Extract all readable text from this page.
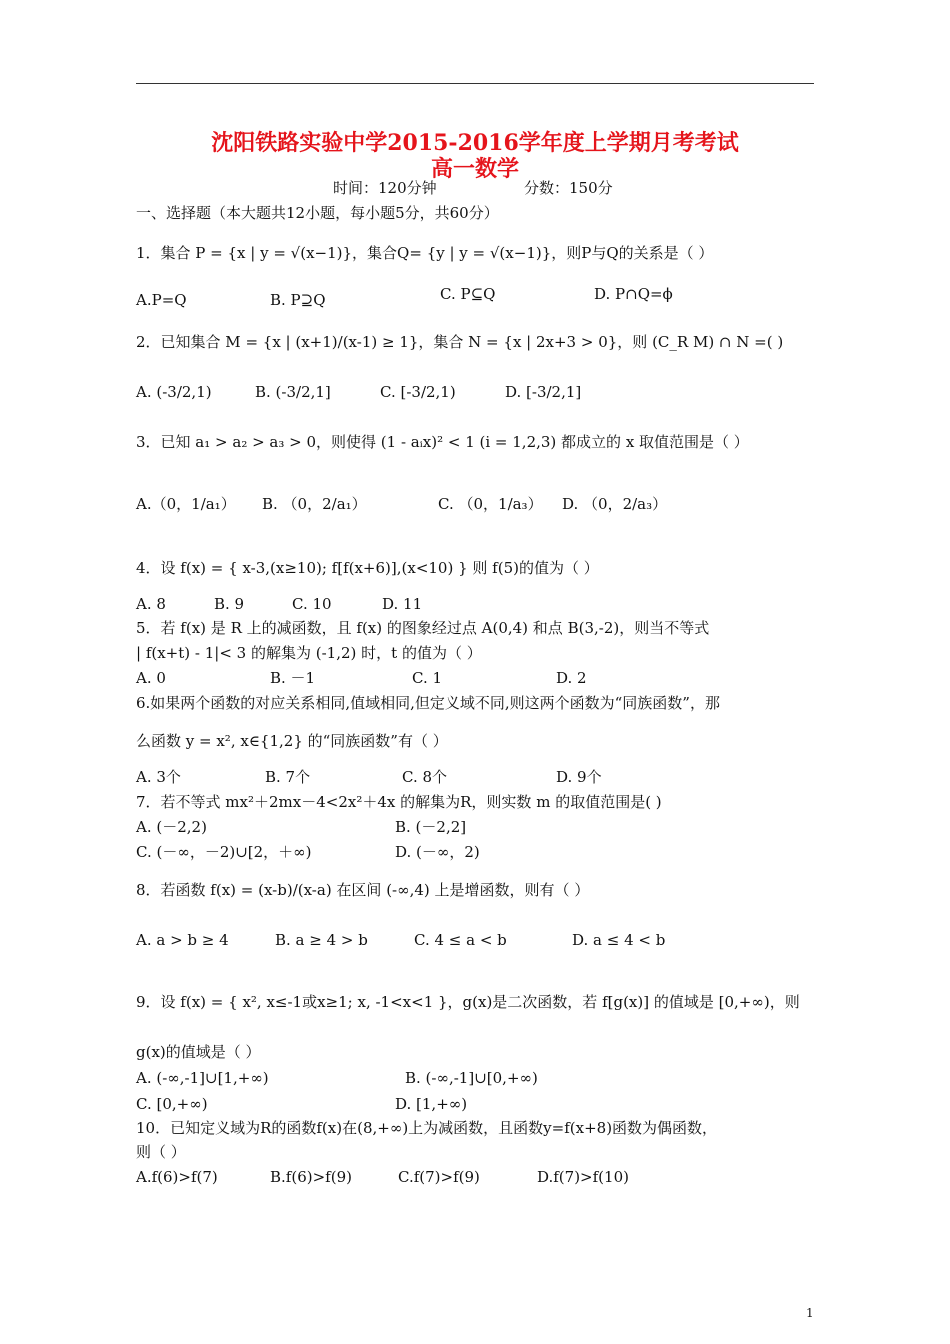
沈阳铁路实验中学2015-2016学年度上学期月考考试
高一数学
时间：120分钟	分数：150分
一、选择题（本大题共12小题，每小题5分，共60分）
1．集合 P = {x | y = √(x−1)}，集合Q= {y | y = √(x−1)}，则P与Q的关系是（ ）
A.P=Q	B. P⊇Q	C. P⊆Q	D. P∩Q=ϕ
2．已知集合 M = {x | (x+1)/(x-1) ≥ 1}，集合 N = {x | 2x+3 > 0}，则 (C_R M) ∩ N =( )
A. (-3/2,1)	B. (-3/2,1]	C. [-3/2,1)	D. [-3/2,1]
3．已知 a₁ > a₂ > a₃ > 0，则使得 (1 - aᵢx)² < 1 (i = 1,2,3) 都成立的 x 取值范围是（ ）
A.（0，1/a₁） B. （0，2/a₁）	C. （0，1/a₃） D. （0，2/a₃）
4．设 f(x) = { x-3,(x≥10); f[f(x+6)],(x<10) } 则 f(5)的值为（ ）
A. 8	B. 9	C. 10	D. 11
5．若 f(x) 是 R 上的减函数，且 f(x) 的图象经过点 A(0,4) 和点 B(3,-2)，则当不等式
| f(x+t) - 1|< 3 的解集为 (-1,2) 时，t 的值为（ ）
A. 0	B. －1	C. 1	D. 2
6.如果两个函数的对应关系相同,值域相同,但定义域不同,则这两个函数为“同族函数”，那
么函数 y = x², x∈{1,2} 的“同族函数”有（ ）
A. 3个	B. 7个	C. 8个	D. 9个
7．若不等式 mx²＋2mx－4<2x²＋4x 的解集为R，则实数 m 的取值范围是( )
A. (－2,2)	B. (－2,2]
C. (－∞，－2)∪[2，＋∞)	D. (－∞，2)
8．若函数 f(x) = (x-b)/(x-a) 在区间 (-∞,4) 上是增函数，则有（ ）
A. a > b ≥ 4	B. a ≥ 4 > b	C. 4 ≤ a < b	D. a ≤ 4 < b
9．设 f(x) = { x², x≤-1或x≥1; x, -1<x<1 }，g(x)是二次函数，若 f[g(x)] 的值域是 [0,+∞)，则
g(x)的值域是（ ）
A. (-∞,-1]∪[1,+∞)	B. (-∞,-1]∪[0,+∞)
C. [0,+∞)	D. [1,+∞)
10．已知定义域为R的函数f(x)在(8,+∞)上为减函数，且函数y=f(x+8)函数为偶函数，
则（ ）
A.f(6)>f(7)	B.f(6)>f(9)	C.f(7)>f(9)	D.f(7)>f(10)
1
